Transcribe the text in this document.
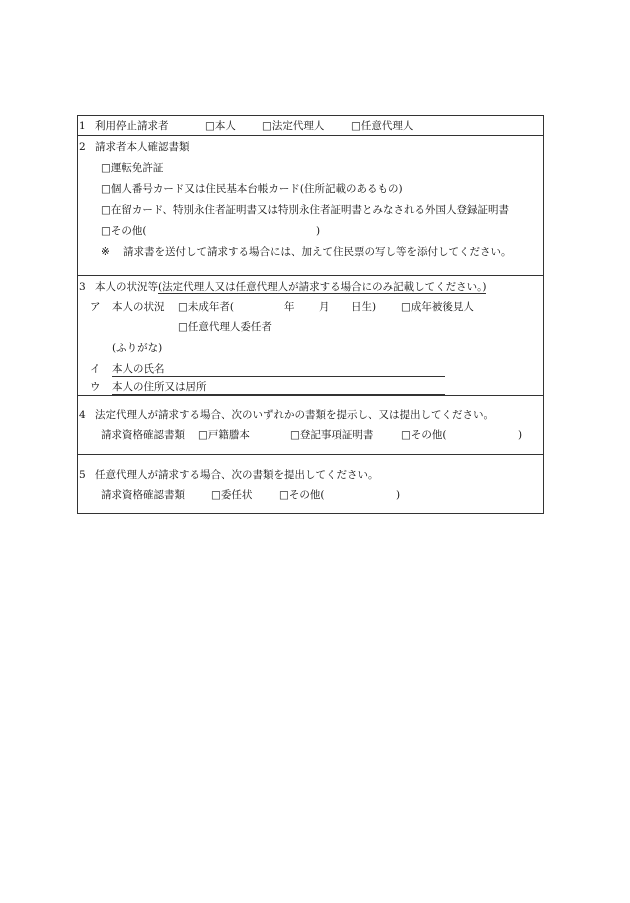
1 利用停止請求者	□本人 □法定代理人	□任意代理人
2 請求者本人確認書類
□運転免許証
□個人番号カード又は住民基本台帳カード(住所記載のあるもの)
□在留カード、特別永住者証明書又は特別永住者証明書とみなされる外国人登録証明書
□その他(	)
※ 請求書を送付して請求する場合には、加えて住民票の写し等を添付してください。
3 本人の状況等(法定代理人又は任意代理人が請求する場合にのみ記載してください。)
ア 本人の状況 □未成年者(	年 月 日生) □成年被後見人
□任意代理人委任者
(ふりがな)
イ 本人の氏名
ウ 本人の住所又は居所
4 法定代理人が請求する場合、次のいずれかの書類を提示し、又は提出してください。
請求資格確認書類 □戸籍謄本	□登記事項証明書	□その他(	)
5 任意代理人が請求する場合、次の書類を提出してください。
請求資格確認書類 □委任状	□その他(	)
